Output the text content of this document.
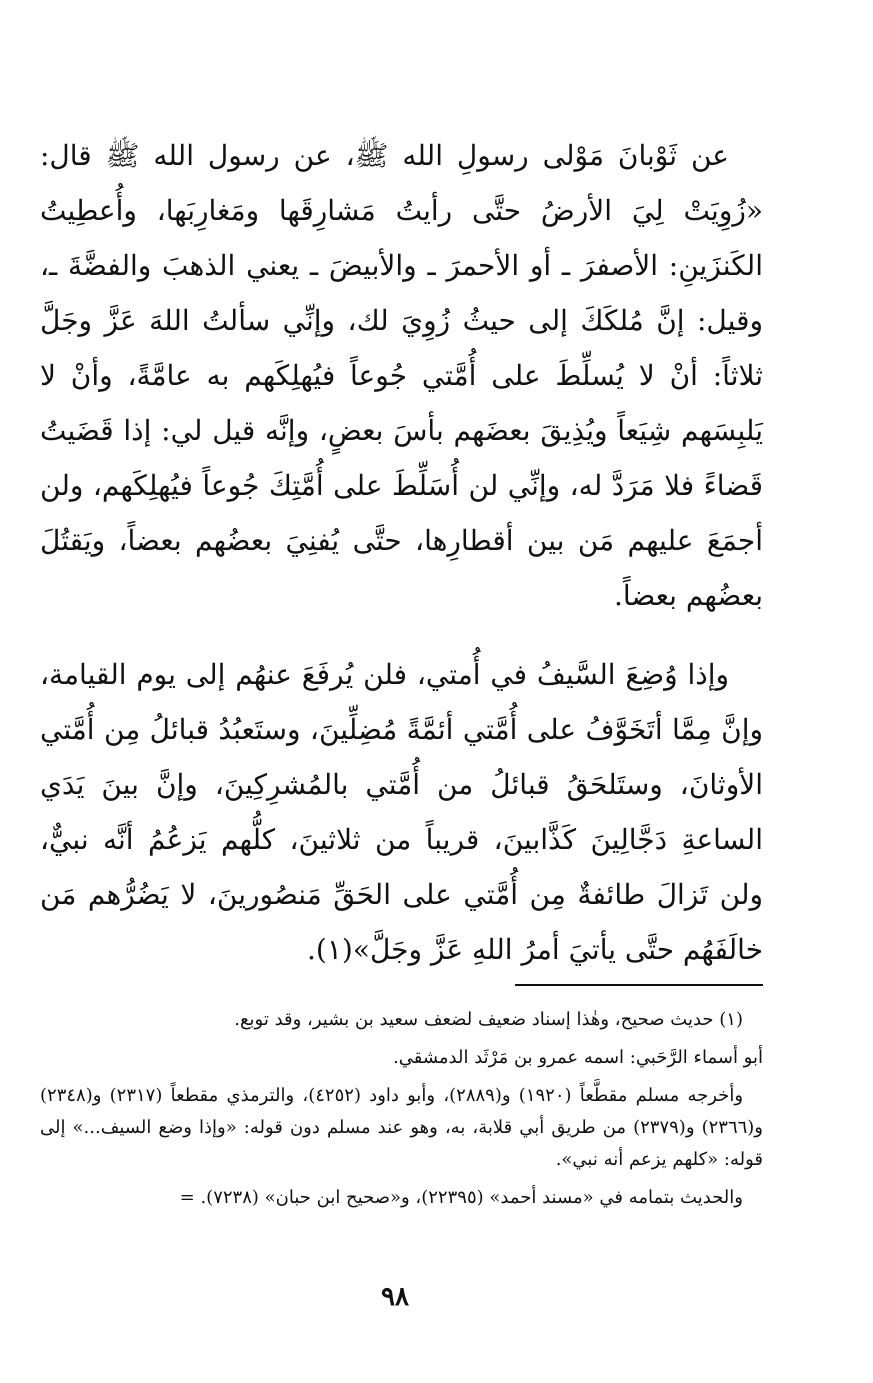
عن ثَوْبانَ مَوْلى رسولِ الله ﷺ، عن رسول الله ﷺ قال: «زُوِيَتْ لِيَ الأرضُ حتَّى رأيتُ مَشارِقَها ومَغارِبَها، وأُعطِيتُ الكَنزَينِ: الأصفرَ ـ أو الأحمرَ ـ والأبيضَ ـ يعني الذهبَ والفضَّةَ ـ، وقيل: إنَّ مُلكَكَ إلى حيثُ زُوِيَ لك، وإنِّي سألتُ اللهَ عَزَّ وجَلَّ ثلاثاً: أنْ لا يُسلِّطَ على أُمَّتي جُوعاً فيُهلِكَهم به عامَّةً، وأنْ لا يَلبِسَهم شِيَعاً ويُذِيقَ بعضَهم بأسَ بعضٍ، وإنَّه قيل لي: إذا قَضَيتُ قَضاءً فلا مَرَدَّ له، وإنِّي لن أُسَلِّطَ على أُمَّتِكَ جُوعاً فيُهلِكَهم، ولن أجمَعَ عليهم مَن بين أقطارِها، حتَّى يُفنِيَ بعضُهم بعضاً، ويَقتُلَ بعضُهم بعضاً.

وإذا وُضِعَ السَّيفُ في أُمتي، فلن يُرفَعَ عنهُم إلى يوم القيامة، وإنَّ مِمَّا أتَخَوَّفُ على أُمَّتي أئمَّةً مُضِلِّينَ، وستَعبُدُ قبائلُ مِن أُمَّتي الأوثانَ، وستَلحَقُ قبائلُ من أُمَّتي بالمُشرِكِينَ، وإنَّ بينَ يَدَي الساعةِ دَجَّالِينَ كَذَّابينَ، قريباً من ثلاثينَ، كلُّهم يَزعُمُ أنَّه نبيٌّ، ولن تَزالَ طائفةٌ مِن أُمَّتي على الحَقِّ مَنصُورينَ، لا يَضُرُّهم مَن خالَفَهُم حتَّى يأتيَ أمرُ اللهِ عَزَّ وجَلَّ»(١).

(١) حديث صحيح، وهٰذا إسناد ضعيف لضعف سعيد بن بشير، وقد توبع.

أبو أسماء الرَّحَبي: اسمه عمرو بن مَرْثَد الدمشقي.

وأخرجه مسلم مقطَّعاً (١٩٢٠) و(٢٨٨٩)، وأبو داود (٤٢٥٢)، والترمذي مقطعاً (٢٣١٧) و(٢٣٤٨) و(٢٣٦٦) و(٢٣٧٩) من طريق أبي قلابة، به، وهو عند مسلم دون قوله: «وإذا وضع السيف...» إلى قوله: «كلهم يزعم أنه نبي».

والحديث بتمامه في «مسند أحمد» (٢٢٣٩٥)، و«صحيح ابن حبان» (٧٢٣٨). =

٩٨
